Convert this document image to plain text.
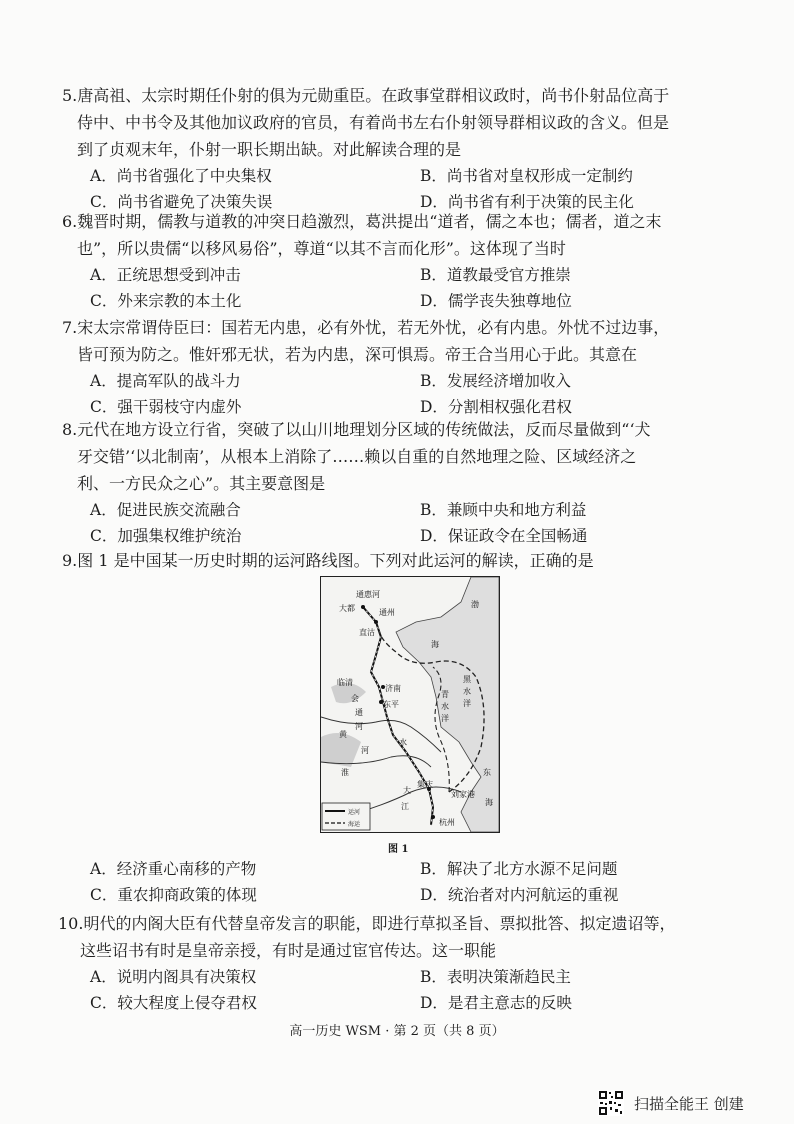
5.唐高祖、太宗时期任仆射的俱为元勋重臣。在政事堂群相议政时，尚书仆射品位高于
侍中、中书令及其他加议政府的官员，有着尚书左右仆射领导群相议政的含义。但是
到了贞观末年，仆射一职长期出缺。对此解读合理的是
A．尚书省强化了中央集权	B．尚书省对皇权形成一定制约
C．尚书省避免了决策失误	D．尚书省有利于决策的民主化
6.魏晋时期，儒教与道教的冲突日趋激烈，葛洪提出“道者，儒之本也；儒者，道之末
也”，所以贵儒“以移风易俗”，尊道“以其不言而化形”。这体现了当时
A．正统思想受到冲击	B．道教最受官方推崇
C．外来宗教的本土化	D．儒学丧失独尊地位
7.宋太宗常谓侍臣曰：国若无内患，必有外忧，若无外忧，必有内患。外忧不过边事，
皆可预为防之。惟奸邪无状，若为内患，深可惧焉。帝王合当用心于此。其意在
A．提高军队的战斗力	B．发展经济增加收入
C．强干弱枝守内虚外	D．分割相权强化君权
8.元代在地方设立行省，突破了以山川地理划分区域的传统做法，反而尽量做到“‘犬
牙交错’‘以北制南’，从根本上消除了……赖以自重的自然地理之险、区域经济之
利、一方民众之心”。其主要意图是
A．促进民族交流融合	B．兼顾中央和地方利益
C．加强集权维护统治	D．保证政令在全国畅通
9.图 1 是中国某一历史时期的运河路线图。下列对此运河的解读，正确的是
通惠河
大都	通州
直沽
渤
海
临清
济南
会
通
河
东平
青
水
洋
黑
水
洋
黄
河
水
淮	东
大
集庆
刘家港
江	海
杭州
运河
海运
图 1
A．经济重心南移的产物	B．解决了北方水源不足问题
C．重农抑商政策的体现	D．统治者对内河航运的重视
10.明代的内阁大臣有代替皇帝发言的职能，即进行草拟圣旨、票拟批答、拟定遗诏等，
这些诏书有时是皇帝亲授，有时是通过宦官传达。这一职能
A．说明内阁具有决策权	B．表明决策渐趋民主
C．较大程度上侵夺君权	D．是君主意志的反映
高一历史 WSM · 第 2 页（共 8 页）
扫描全能王 创建
